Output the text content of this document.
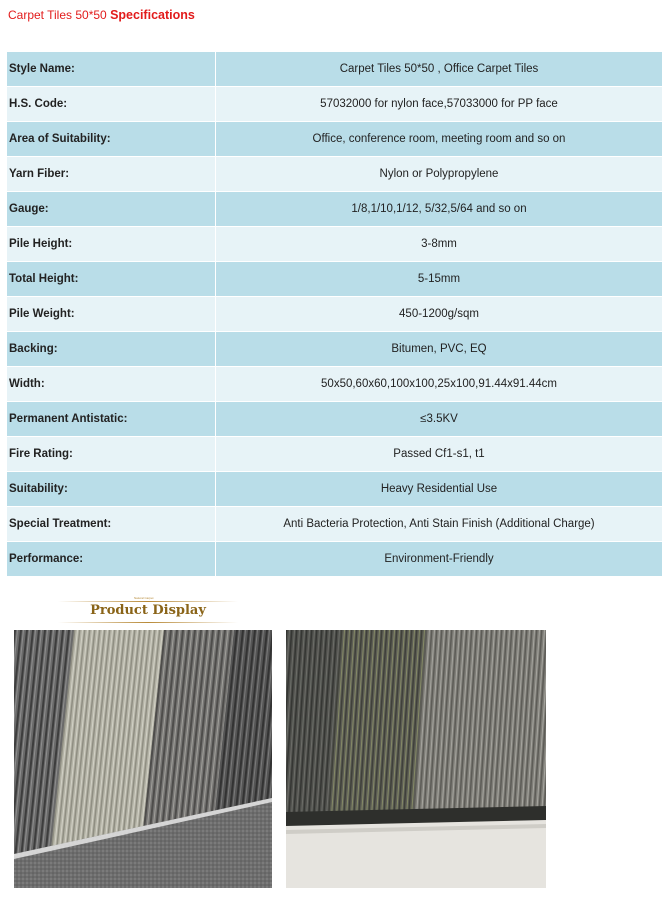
Carpet Tiles 50*50 Specifications
Style Name:	Carpet Tiles 50*50 , Office Carpet Tiles
H.S. Code:	57032000 for nylon face,57033000 for PP face
Area of Suitability:	Office, conference room, meeting room and so on
Yarn Fiber:	Nylon or Polypropylene
Gauge:	1/8,1/10,1/12, 5/32,5/64 and so on
Pile Height:	3-8mm
Total Height:	5-15mm
Pile Weight:	450-1200g/sqm
Backing:	Bitumen, PVC, EQ
Width:	50x50,60x60,100x100,25x100,91.44x91.44cm
Permanent Antistatic:	≤3.5KV
Fire Rating:	Passed Cf1-s1, t1
Suitability:	Heavy Residential Use
Special Treatment:	Anti Bacteria Protection, Anti Stain Finish (Additional Charge)
Performance:	Environment-Friendly
Natural Carpet
Product Display
